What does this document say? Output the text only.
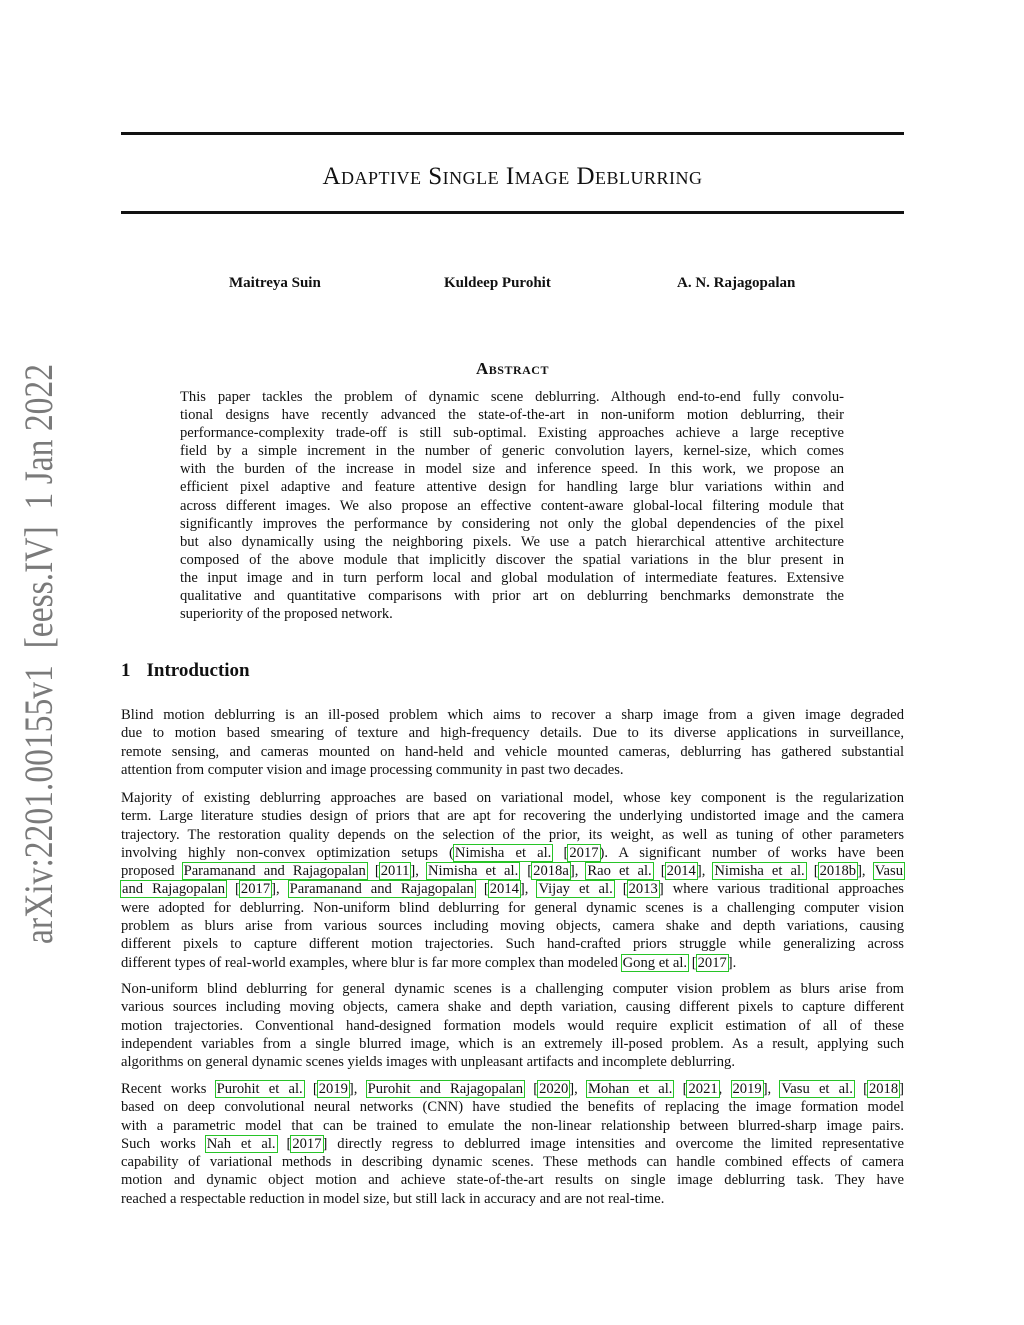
arXiv:2201.00155v1  [eess.IV]  1 Jan 2022
Adaptive Single Image Deblurring
Maitreya Suin	Kuldeep Purohit	A. N. Rajagopalan
Abstract
This paper tackles the problem of dynamic scene deblurring. Although end-to-end fully convolu-
tional designs have recently advanced the state-of-the-art in non-uniform motion deblurring, their
performance-complexity trade-off is still sub-optimal. Existing approaches achieve a large receptive
field by a simple increment in the number of generic convolution layers, kernel-size, which comes
with the burden of the increase in model size and inference speed. In this work, we propose an
efficient pixel adaptive and feature attentive design for handling large blur variations within and
across different images. We also propose an effective content-aware global-local filtering module that
significantly improves the performance by considering not only the global dependencies of the pixel
but also dynamically using the neighboring pixels. We use a patch hierarchical attentive architecture
composed of the above module that implicitly discover the spatial variations in the blur present in
the input image and in turn perform local and global modulation of intermediate features. Extensive
qualitative and quantitative comparisons with prior art on deblurring benchmarks demonstrate the
superiority of the proposed network.
1 Introduction
Blind motion deblurring is an ill-posed problem which aims to recover a sharp image from a given image degraded
due to motion based smearing of texture and high-frequency details. Due to its diverse applications in surveillance,
remote sensing, and cameras mounted on hand-held and vehicle mounted cameras, deblurring has gathered substantial
attention from computer vision and image processing community in past two decades.
Majority of existing deblurring approaches are based on variational model, whose key component is the regularization
term. Large literature studies design of priors that are apt for recovering the underlying undistorted image and the camera
trajectory. The restoration quality depends on the selection of the prior, its weight, as well as tuning of other parameters
involving highly non-convex optimization setups (Nimisha et al. [2017). A significant number of works have been
proposed Paramanand and Rajagopalan [2011], Nimisha et al. [2018a], Rao et al. [2014], Nimisha et al. [2018b], Vasu
and Rajagopalan [2017], Paramanand and Rajagopalan [2014], Vijay et al. [2013] where various traditional approaches
were adopted for deblurring. Non-uniform blind deblurring for general dynamic scenes is a challenging computer vision
problem as blurs arise from various sources including moving objects, camera shake and depth variations, causing
different pixels to capture different motion trajectories. Such hand-crafted priors struggle while generalizing across
different types of real-world examples, where blur is far more complex than modeled Gong et al. [2017].
Non-uniform blind deblurring for general dynamic scenes is a challenging computer vision problem as blurs arise from
various sources including moving objects, camera shake and depth variation, causing different pixels to capture different
motion trajectories. Conventional hand-designed formation models would require explicit estimation of all of these
independent variables from a single blurred image, which is an extremely ill-posed problem. As a result, applying such
algorithms on general dynamic scenes yields images with unpleasant artifacts and incomplete deblurring.
Recent works Purohit et al. [2019], Purohit and Rajagopalan [2020], Mohan et al. [2021, 2019], Vasu et al. [2018]
based on deep convolutional neural networks (CNN) have studied the benefits of replacing the image formation model
with a parametric model that can be trained to emulate the non-linear relationship between blurred-sharp image pairs.
Such works Nah et al. [2017] directly regress to deblurred image intensities and overcome the limited representative
capability of variational methods in describing dynamic scenes. These methods can handle combined effects of camera
motion and dynamic object motion and achieve state-of-the-art results on single image deblurring task. They have
reached a respectable reduction in model size, but still lack in accuracy and are not real-time.
